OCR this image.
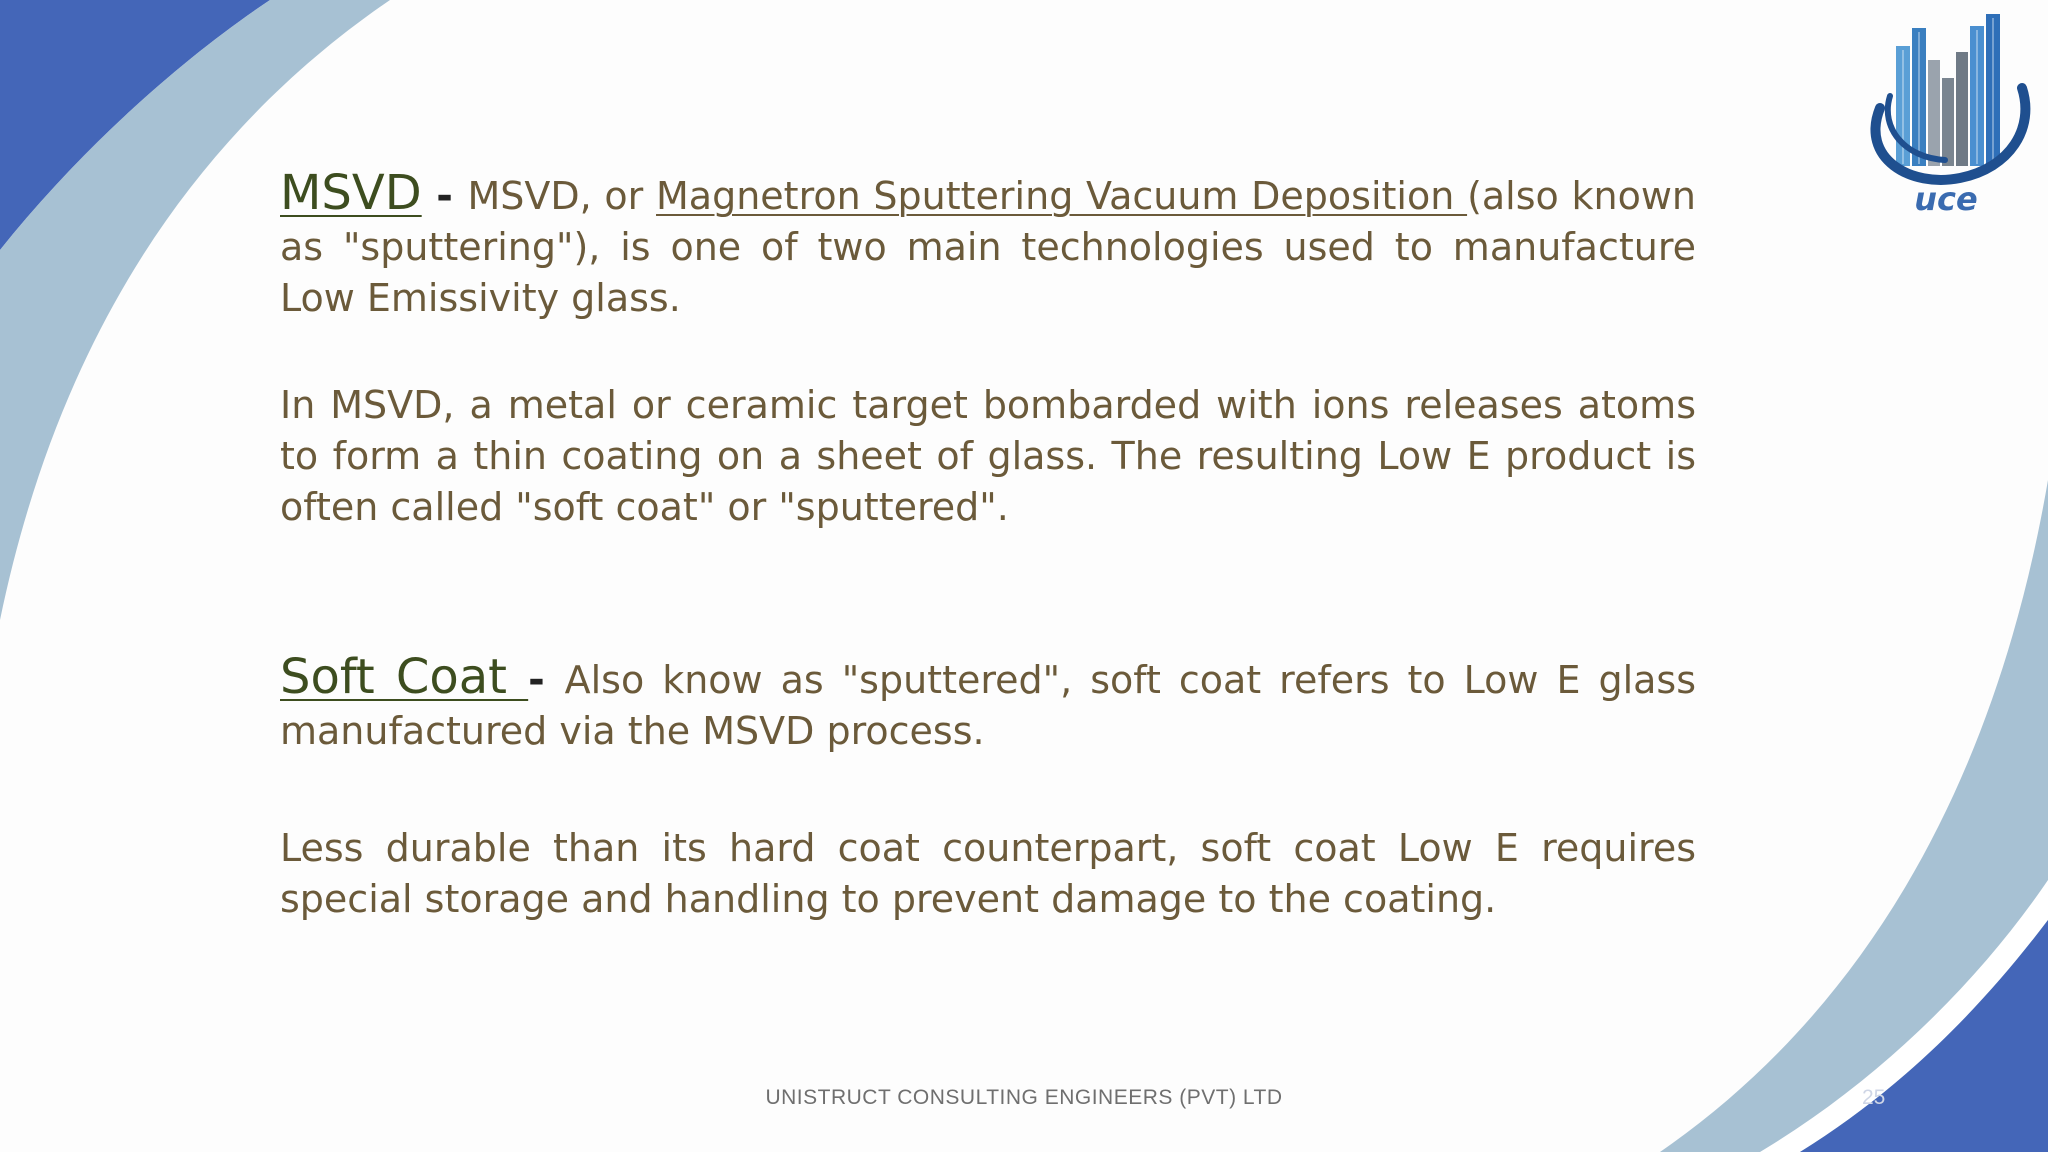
uce

MSVD - MSVD, or Magnetron Sputtering Vacuum Deposition (also known as "sputtering"), is one of two main technologies used to manufacture Low Emissivity glass.

In MSVD, a metal or ceramic target bombarded with ions releases atoms to form a thin coating on a sheet of glass. The resulting Low E product is often called "soft coat" or "sputtered".

Soft Coat - Also know as "sputtered", soft coat refers to Low E glass manufactured via the MSVD process.

Less durable than its hard coat counterpart, soft coat Low E requires special storage and handling to prevent damage to the coating.

UNISTRUCT CONSULTING ENGINEERS (PVT) LTD	25
